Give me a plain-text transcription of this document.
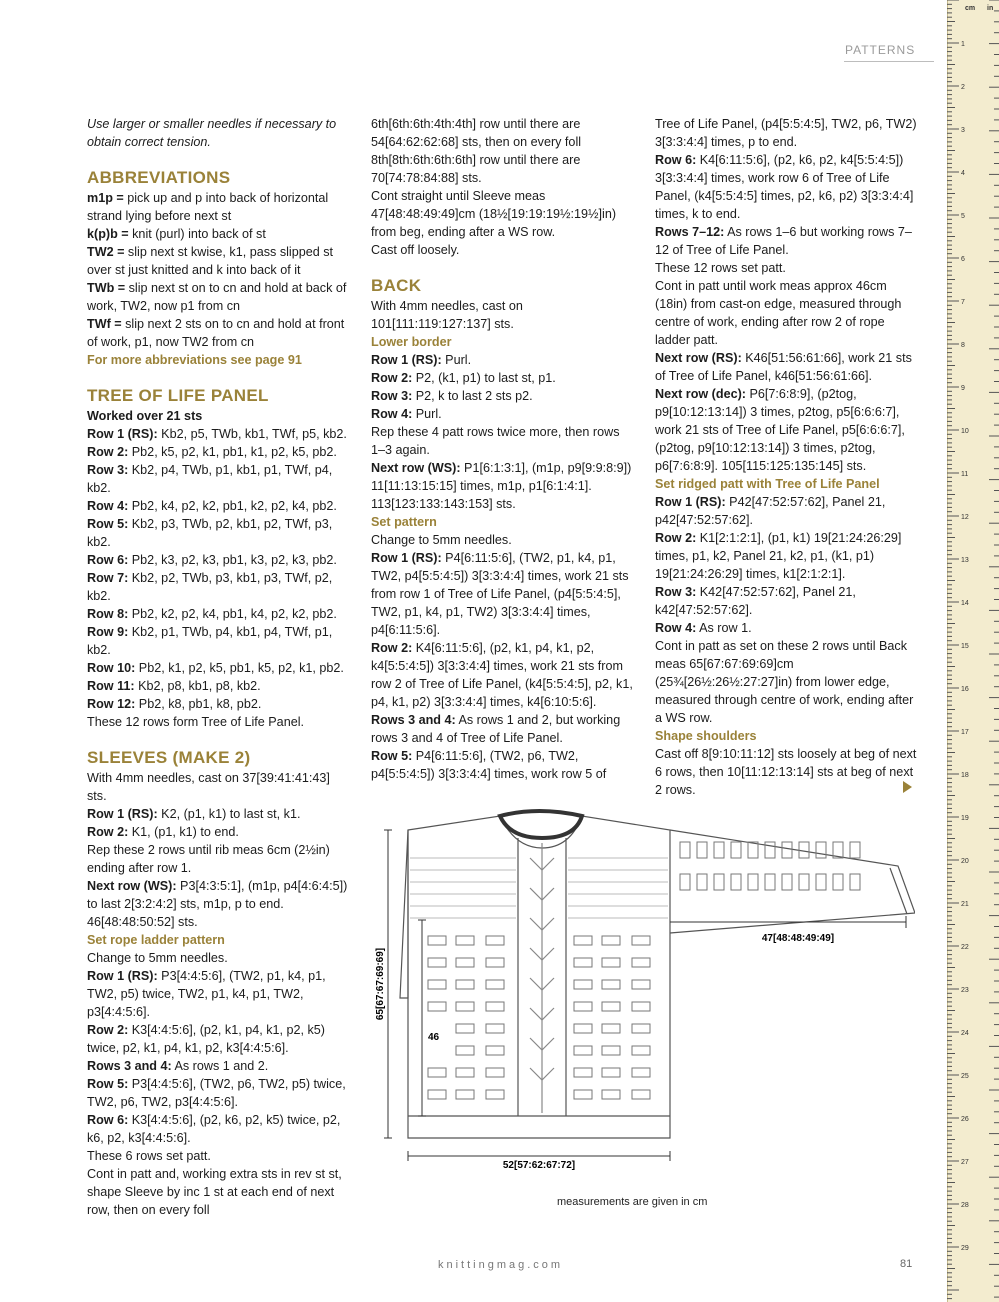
PATTERNS

Use larger or smaller needles if necessary to obtain correct tension.

ABBREVIATIONS

m1p = pick up and p into back of horizontal strand lying before next st

k(p)b = knit (purl) into back of st

TW2 = slip next st kwise, k1, pass slipped st over st just knitted and k into back of it

TWb = slip next st on to cn and hold at back of work, TW2, now p1 from cn

TWf = slip next 2 sts on to cn and hold at front of work, p1, now TW2 from cn

For more abbreviations see page 91

TREE OF LIFE PANEL

Worked over 21 sts

Row 1 (RS): Kb2, p5, TWb, kb1, TWf, p5, kb2.

Row 2: Pb2, k5, p2, k1, pb1, k1, p2, k5, pb2.

Row 3: Kb2, p4, TWb, p1, kb1, p1, TWf, p4, kb2.

Row 4: Pb2, k4, p2, k2, pb1, k2, p2, k4, pb2.

Row 5: Kb2, p3, TWb, p2, kb1, p2, TWf, p3, kb2.

Row 6: Pb2, k3, p2, k3, pb1, k3, p2, k3, pb2.

Row 7: Kb2, p2, TWb, p3, kb1, p3, TWf, p2, kb2.

Row 8: Pb2, k2, p2, k4, pb1, k4, p2, k2, pb2.

Row 9: Kb2, p1, TWb, p4, kb1, p4, TWf, p1, kb2.

Row 10: Pb2, k1, p2, k5, pb1, k5, p2, k1, pb2.

Row 11: Kb2, p8, kb1, p8, kb2.

Row 12: Pb2, k8, pb1, k8, pb2.

These 12 rows form Tree of Life Panel.

SLEEVES (MAKE 2)

With 4mm needles, cast on 37[39:41:41:43] sts.

Row 1 (RS): K2, (p1, k1) to last st, k1.

Row 2: K1, (p1, k1) to end.

Rep these 2 rows until rib meas 6cm (2½in) ending after row 1.

Next row (WS): P3[4:3:5:1], (m1p, p4[4:6:4:5]) to last 2[3:2:4:2] sts, m1p, p to end. 46[48:48:50:52] sts.

Set rope ladder pattern

Change to 5mm needles.

Row 1 (RS): P3[4:4:5:6], (TW2, p1, k4, p1, TW2, p5) twice, TW2, p1, k4, p1, TW2, p3[4:4:5:6].

Row 2: K3[4:4:5:6], (p2, k1, p4, k1, p2, k5) twice, p2, k1, p4, k1, p2, k3[4:4:5:6].

Rows 3 and 4: As rows 1 and 2.

Row 5: P3[4:4:5:6], (TW2, p6, TW2, p5) twice, TW2, p6, TW2, p3[4:4:5:6].

Row 6: K3[4:4:5:6], (p2, k6, p2, k5) twice, p2, k6, p2, k3[4:4:5:6].

These 6 rows set patt.

Cont in patt and, working extra sts in rev st st, shape Sleeve by inc 1 st at each end of next row, then on every foll

6th[6th:6th:4th:4th] row until there are 54[64:62:62:68] sts, then on every foll 8th[8th:6th:6th:6th] row until there are 70[74:78:84:88] sts.

Cont straight until Sleeve meas 47[48:48:49:49]cm (18½[19:19:19½:19½]in) from beg, ending after a WS row.

Cast off loosely.

BACK

With 4mm needles, cast on 101[111:119:127:137] sts.

Lower border

Row 1 (RS): Purl.

Row 2: P2, (k1, p1) to last st, p1.

Row 3: P2, k to last 2 sts p2.

Row 4: Purl.

Rep these 4 patt rows twice more, then rows 1–3 again.

Next row (WS): P1[6:1:3:1], (m1p, p9[9:9:8:9]) 11[11:13:15:15] times, m1p, p1[6:1:4:1]. 113[123:133:143:153] sts.

Set pattern

Change to 5mm needles.

Row 1 (RS): P4[6:11:5:6], (TW2, p1, k4, p1, TW2, p4[5:5:4:5]) 3[3:3:4:4] times, work 21 sts from row 1 of Tree of Life Panel, (p4[5:5:4:5], TW2, p1, k4, p1, TW2) 3[3:3:4:4] times, p4[6:11:5:6].

Row 2: K4[6:11:5:6], (p2, k1, p4, k1, p2, k4[5:5:4:5]) 3[3:3:4:4] times, work 21 sts from row 2 of Tree of Life Panel, (k4[5:5:4:5], p2, k1, p4, k1, p2) 3[3:3:4:4] times, k4[6:10:5:6].

Rows 3 and 4: As rows 1 and 2, but working rows 3 and 4 of Tree of Life Panel.

Row 5: P4[6:11:5:6], (TW2, p6, TW2, p4[5:5:4:5]) 3[3:3:4:4] times, work row 5 of

Tree of Life Panel, (p4[5:5:4:5], TW2, p6, TW2) 3[3:3:4:4] times, p to end.

Row 6: K4[6:11:5:6], (p2, k6, p2, k4[5:5:4:5]) 3[3:3:4:4] times, work row 6 of Tree of Life Panel, (k4[5:5:4:5] times, p2, k6, p2) 3[3:3:4:4] times, k to end.

Rows 7–12: As rows 1–6 but working rows 7–12 of Tree of Life Panel.

These 12 rows set patt.

Cont in patt until work meas approx 46cm (18in) from cast-on edge, measured through centre of work, ending after row 2 of rope ladder patt.

Next row (RS): K46[51:56:61:66], work 21 sts of Tree of Life Panel, k46[51:56:61:66].

Next row (dec): P6[7:6:8:9], (p2tog, p9[10:12:13:14]) 3 times, p2tog, p5[6:6:6:7], work 21 sts of Tree of Life Panel, p5[6:6:6:7], (p2tog, p9[10:12:13:14]) 3 times, p2tog, p6[7:6:8:9]. 105[115:125:135:145] sts.

Set ridged patt with Tree of Life Panel

Row 1 (RS): P42[47:52:57:62], Panel 21, p42[47:52:57:62].

Row 2: K1[2:1:2:1], (p1, k1) 19[21:24:26:29] times, p1, k2, Panel 21, k2, p1, (k1, p1) 19[21:24:26:29] times, k1[2:1:2:1].

Row 3: K42[47:52:57:62], Panel 21, k42[47:52:57:62].

Row 4: As row 1.

Cont in patt as set on these 2 rows until Back meas 65[67:67:69:69]cm (25¾[26½:26½:27:27]in) from lower edge, measured through centre of work, ending after a WS row.

Shape shoulders

Cast off 8[9:10:11:12] sts loosely at beg of next 6 rows, then 10[11:12:13:14] sts at beg of next 2 rows.

65[67:67:69:69]
46
52[57:62:67:72]
47[48:48:49:49]
measurements are given in cm
1
2
3
4
5
6
7
8
9
10
11
12
13
14
15
16
17
18
19
20
21
22
23
24
25
26
27
28
29
cm in
knittingmag.com	81
